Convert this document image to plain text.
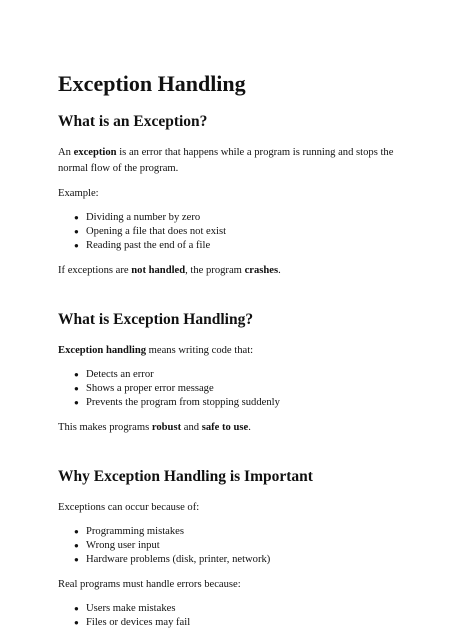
Exception Handling
What is an Exception?

An exception is an error that happens while a program is running and stops the normal flow of the program.

Example:

● Dividing a number by zero
● Opening a file that does not exist
● Reading past the end of a file

If exceptions are not handled, the program crashes.

What is Exception Handling?

Exception handling means writing code that:

● Detects an error
● Shows a proper error message
● Prevents the program from stopping suddenly

This makes programs robust and safe to use.

Why Exception Handling is Important

Exceptions can occur because of:

● Programming mistakes
● Wrong user input
● Hardware problems (disk, printer, network)

Real programs must handle errors because:

● Users make mistakes
● Files or devices may fail
